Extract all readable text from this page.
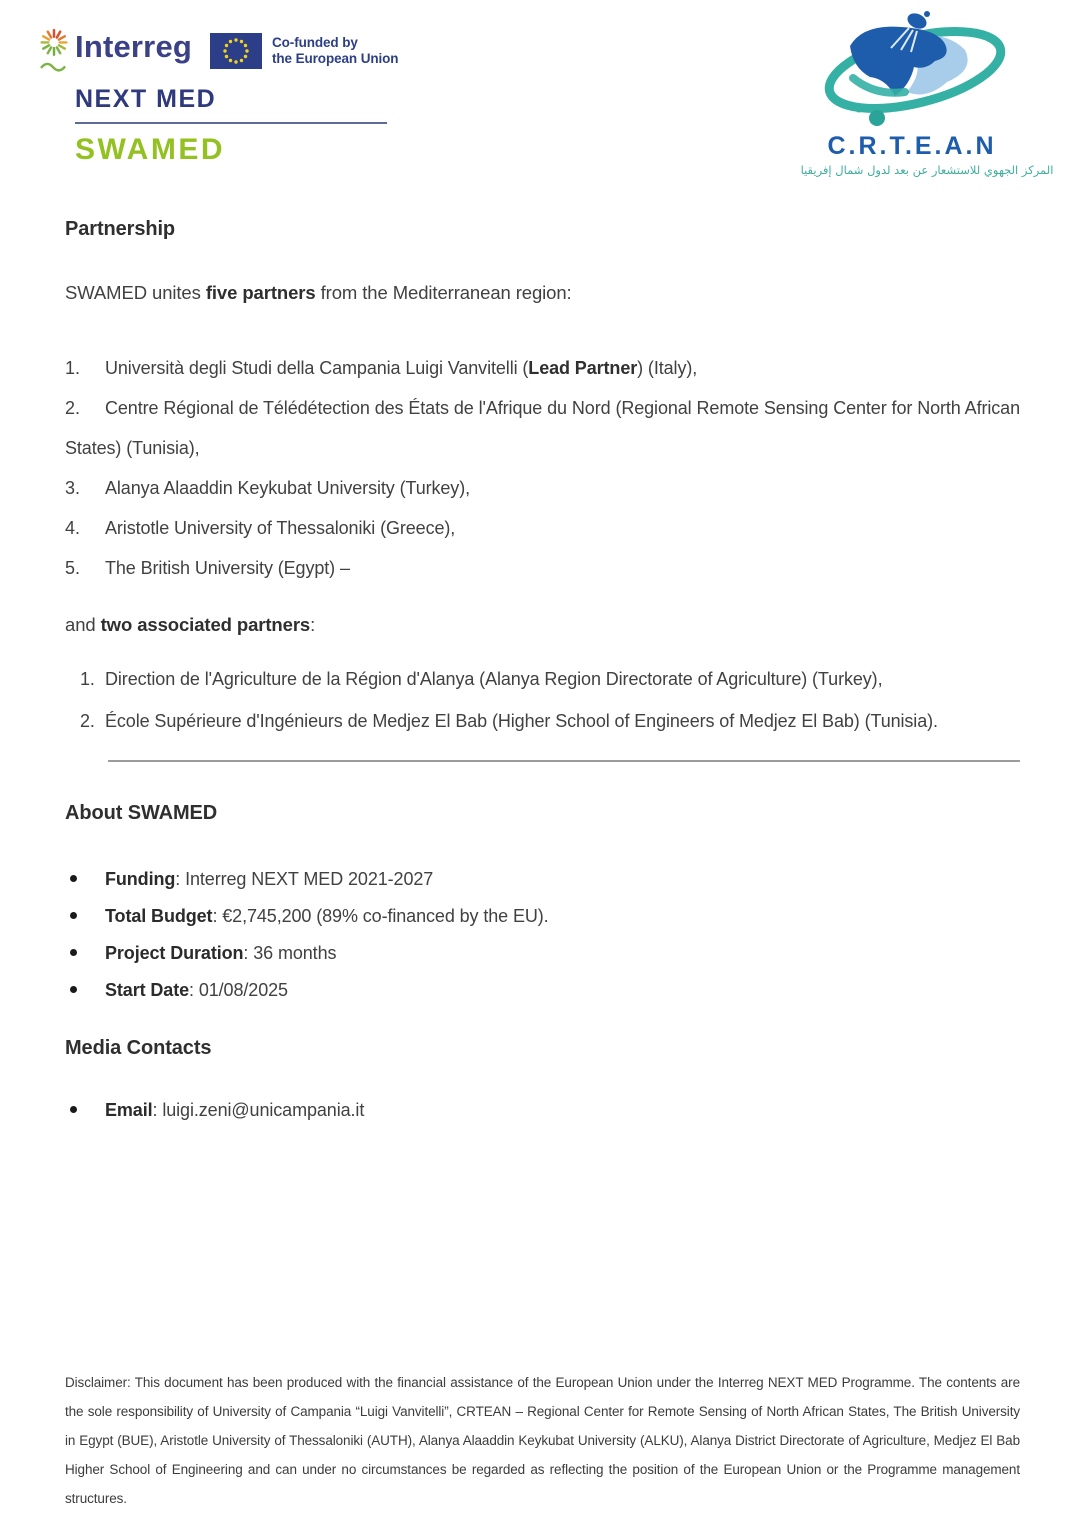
Interreg	Co-funded by
the European Union
NEXT MED
SWAMED	C.R.T.E.A.N
المركز الجهوي للاستشعار عن بعد لدول شمال إفريقيا
Partnership

SWAMED unites five partners from the Mediterranean region:

1. Università degli Studi della Campania Luigi Vanvitelli (Lead Partner) (Italy),

2. Centre Régional de Télédétection des États de l'Afrique du Nord (Regional Remote Sensing Center for North African States) (Tunisia),

3. Alanya Alaaddin Keykubat University (Turkey),

4. Aristotle University of Thessaloniki (Greece),

5. The British University (Egypt) –

and two associated partners:

1. Direction de l'Agriculture de la Région d'Alanya (Alanya Region Directorate of Agriculture) (Turkey),

2. École Supérieure d'Ingénieurs de Medjez El Bab (Higher School of Engineers of Medjez El Bab) (Tunisia).

About SWAMED

Funding: Interreg NEXT MED 2021-2027

Total Budget: €2,745,200 (89% co-financed by the EU).

Project Duration: 36 months

Start Date: 01/08/2025

Media Contacts

Email: luigi.zeni@unicampania.it

Disclaimer: This document has been produced with the financial assistance of the European Union under the Interreg NEXT MED Programme. The contents are the sole responsibility of University of Campania “Luigi Vanvitelli”, CRTEAN – Regional Center for Remote Sensing of North African States, The British University in Egypt (BUE), Aristotle University of Thessaloniki (AUTH), Alanya Alaaddin Keykubat University (ALKU), Alanya District Directorate of Agriculture, Medjez El Bab Higher School of Engineering and can under no circumstances be regarded as reflecting the position of the European Union or the Programme management structures.
